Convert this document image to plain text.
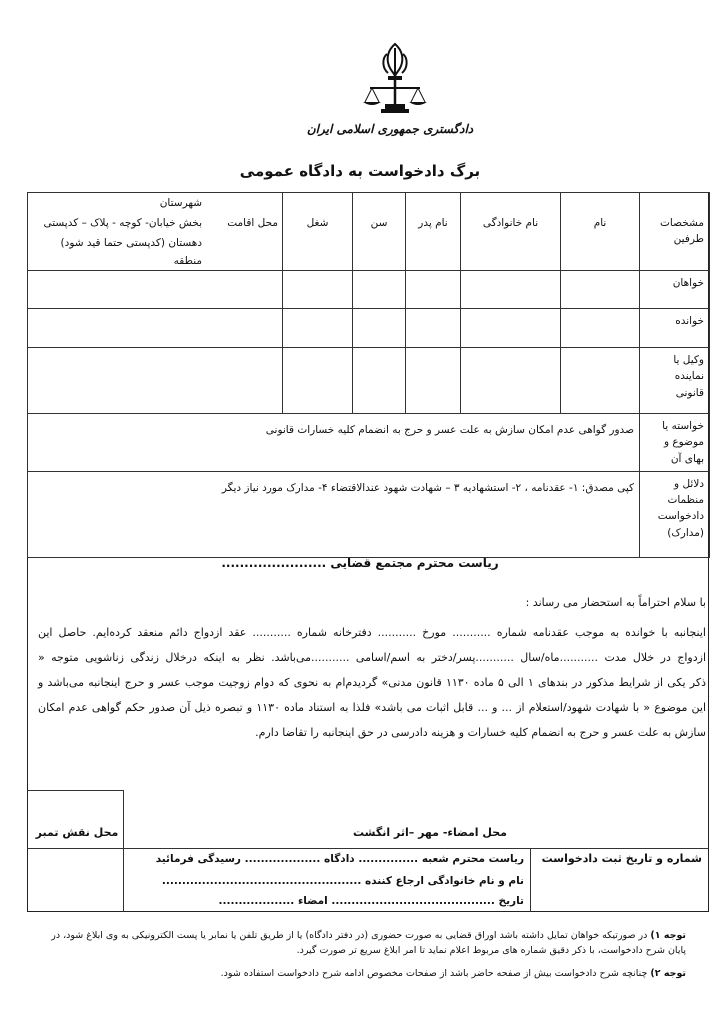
دادگستری جمهوری اسلامی ایران
برگ دادخواست به دادگاه عمومی
مشخصات طرفین	نام	نام خانوادگی	نام پدر	سن	شغل	محل اقامت
شهرستان
بخش خیابان- کوچه - پلاک – کدپستی
دهستان (کدپستی حتما قید شود)
منطقه

خواهان						
خوانده						
وکیل یا نماینده قانونی						
خواسته یا موضوع و بهای آن	صدور گواهی عدم امکان سازش به علت عسر و حرج به انضمام کلیه خسارات قانونی					
دلائل و منظمات دادخواست (مدارک)	کپی مصدق: ۱- عقدنامه ، ۲- استشهادیه ۳ – شهادت شهود عندالاقتضاء ۴- مدارک مورد نیاز دیگر					
ریاست محترم مجتمع قضایی .......................
با سلام احتراماً به استحضار می رساند :
اینجانبه با خوانده به موجب عقدنامه شماره ........... مورخ ........... دفترخانه شماره ........... عقد ازدواج دائم منعقد کرده‌ایم. حاصل این
ازدواج در خلال مدت ...........ماه/سال ...........پسر/دختر به اسم/اسامی ...........می‌باشد. نظر به اینکه درخلال زندگی زناشویی متوجه «
ذکر یکی از شرایط مذکور در بندهای ۱ الی ۵ ماده ۱۱۳۰ قانون مدنی» گردیدم‌ام به نحوی که دوام زوجیت موجب عسر و حرج اینجانبه می‌باشد و
این موضوع « با شهادت شهود/استعلام از ... و ... قابل اثبات می باشد» فلذا به استناد ماده ۱۱۳۰ و تبصره ذیل آن صدور حکم گواهی عدم امکان
سازش به علت عسر و حرج به انضمام کلیه خسارات و هزینه دادرسی در حق اینجانبه را تقاضا دارم.
محل نقش تمبر	محل امضاء- مهر –اثر انگشت
شماره و تاریخ ثبت دادخواست
ریاست محترم شعبه ............... دادگاه ................... رسیدگی فرمائید
نام و نام خانوادگی ارجاع کننده ..................................................
تاریخ ......................................... امضاء ...................
توجه ۱) در صورتیکه خواهان تمایل داشته باشد اوراق قضایی به صورت حضوری (در دفتر دادگاه) یا از طریق تلفن یا نمابر یا پست الکترونیکی به وی ابلاغ شود، در پایان شرح دادخواست، با ذکر دقیق شماره های مربوط اعلام نماید تا امر ابلاغ سریع تر صورت گیرد.
توجه ۲) چنانچه شرح دادخواست بیش از صفحه حاضر باشد از صفحات مخصوص ادامه شرح دادخواست استفاده شود.
